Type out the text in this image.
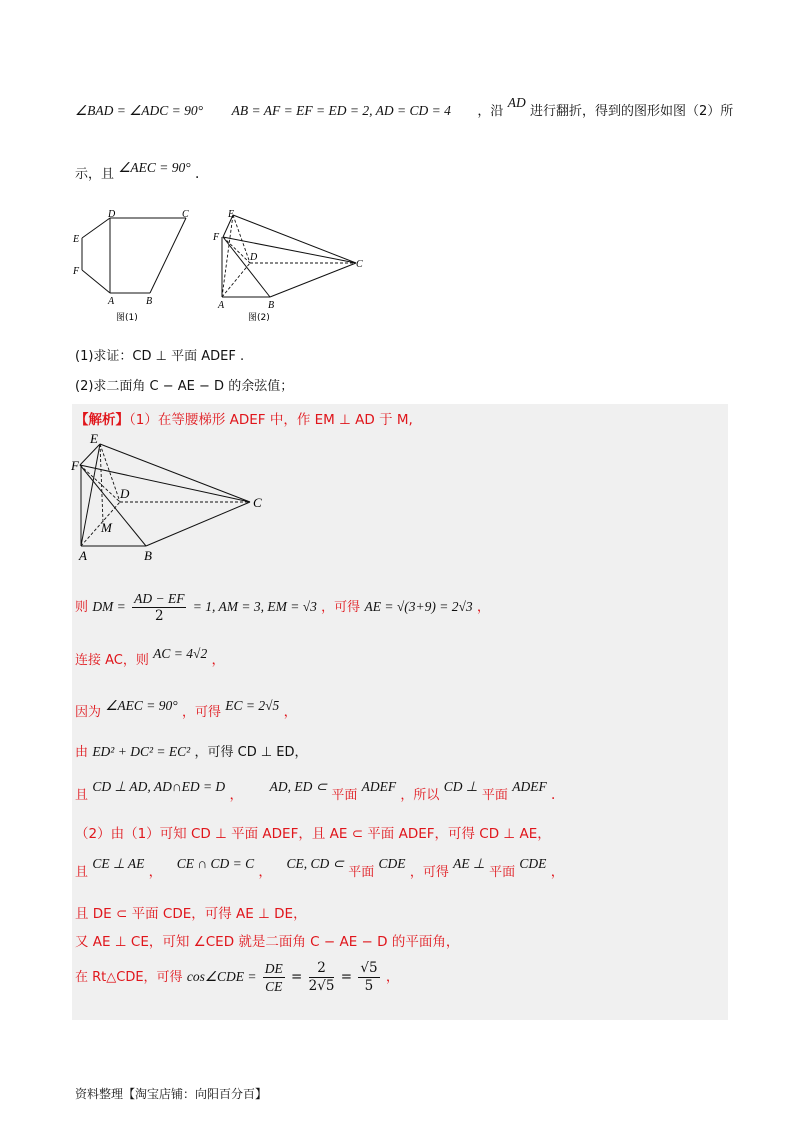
∠BAD = ∠ADC = 90° AB = AF = EF = ED = 2, AD = CD = 4 ，沿 AD 进行翻折，得到的图形如图（2）所
示，且 ∠AEC = 90° .
D	C
E
F
A	B
图(1)
E
F
D
C
A	B
图(2)
(1)求证：CD ⊥ 平面 ADEF .
(2)求二面角 C − AE − D 的余弦值；
【解析】（1）在等腰梯形 ADEF 中，作 EM ⊥ AD 于 M,
E
F
D
C
M
A	B
则 DM = $\frac{AD - EF}{2} = 1$, AM = 3, EM = √3 ，可得 AE = √(3+9) = 2√3 ，
连接 AC，则 AC = 4√2 ，
因为 ∠AEC = 90° ，可得 EC = 2√5 ，
由 ED² + DC² = EC² ，可得 CD ⊥ ED，
且 CD ⊥ AD, AD∩ED = D ，  AD, ED ⊂ 平面 ADEF ，所以 CD ⊥ 平面 ADEF .
（2）由（1）可知 CD ⊥ 平面 ADEF，且 AE ⊂ 平面 ADEF，可得 CD ⊥ AE，
且 CE ⊥ AE ，  CE ∩ CD = C ，  CE, CD ⊂ 平面 CDE ，可得 AE ⊥ 平面 CDE ，
且 DE ⊂ 平面 CDE，可得 AE ⊥ DE，
又 AE ⊥ CE，可知 ∠CED 就是二面角 C − AE − D 的平面角，
在 Rt△CDE，可得 cos∠CDE = $\frac{DE}{CE} = \frac{2}{2√5} = \frac{√5}{5}$ ，
资料整理【淘宝店铺：向阳百分百】
